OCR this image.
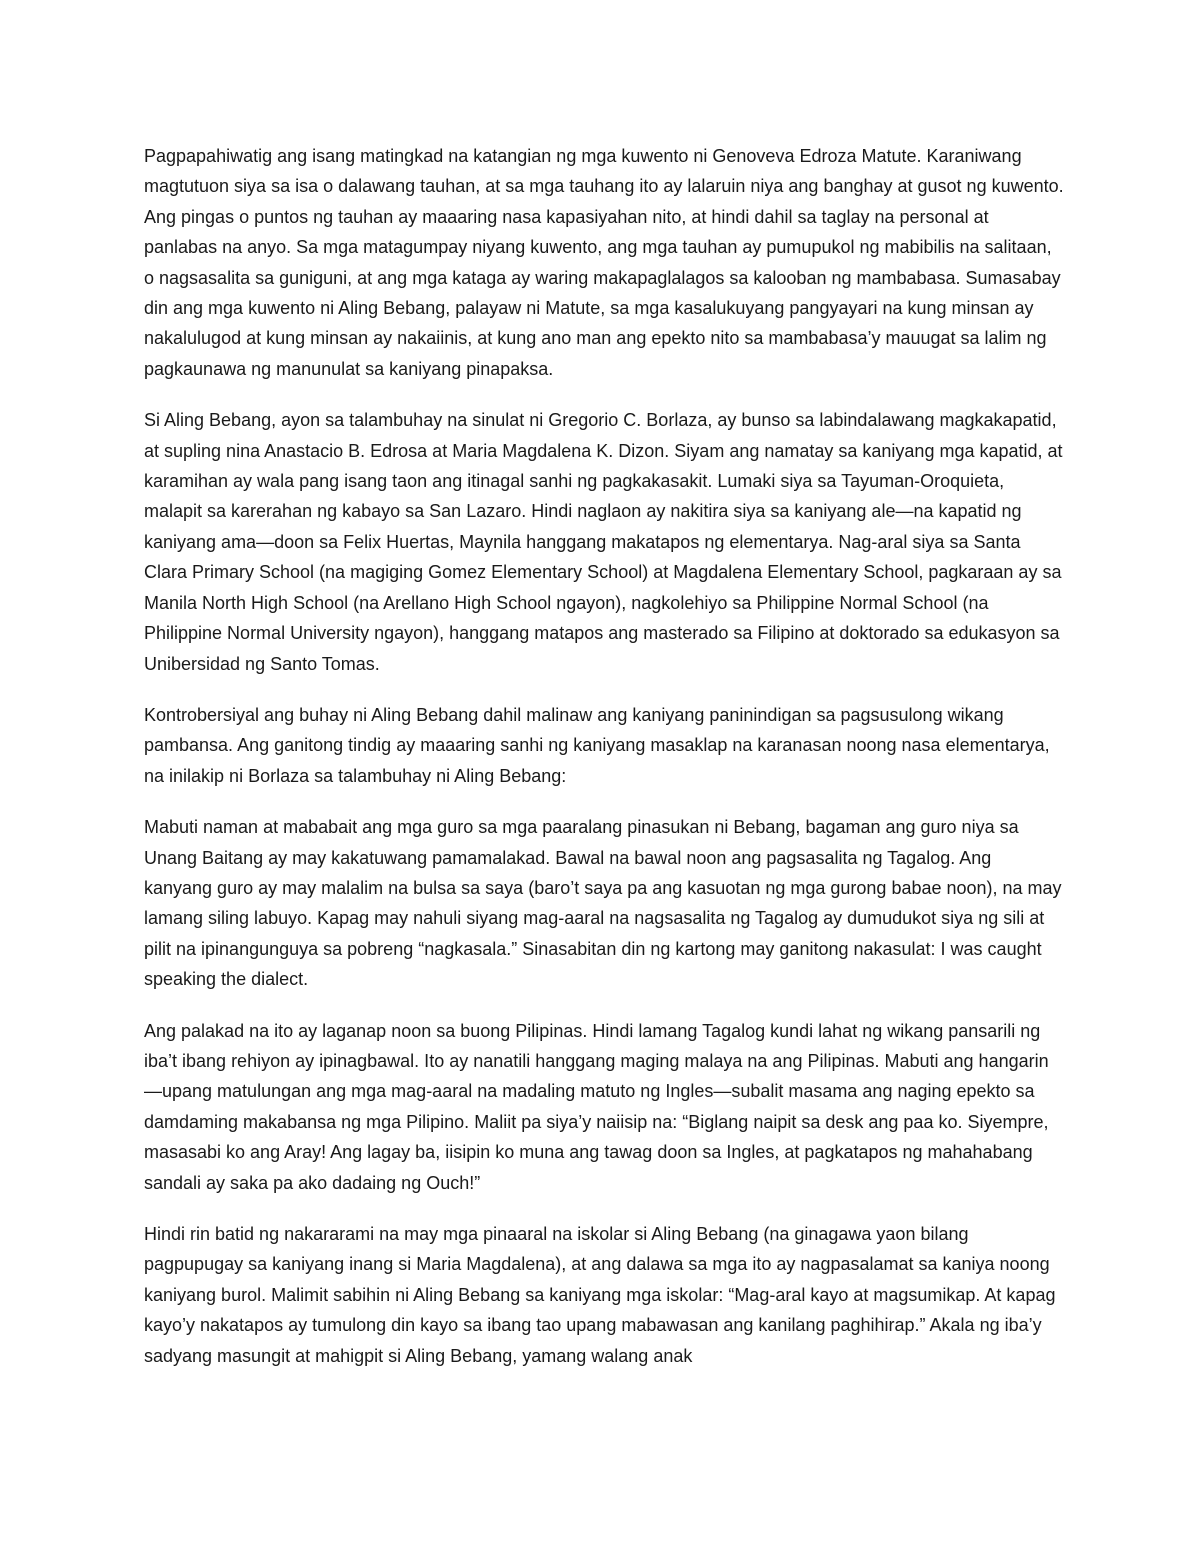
Pagpapahiwatig ang isang matingkad na katangian ng mga kuwento ni Genoveva Edroza Matute. Karaniwang magtutuon siya sa isa o dalawang tauhan, at sa mga tauhang ito ay lalaruin niya ang banghay at gusot ng kuwento. Ang pingas o puntos ng tauhan ay maaaring nasa kapasiyahan nito, at hindi dahil sa taglay na personal at panlabas na anyo. Sa mga matagumpay niyang kuwento, ang mga tauhan ay pumupukol ng mabibilis na salitaan, o nagsasalita sa guniguni, at ang mga kataga ay waring makapaglalagos sa kalooban ng mambabasa. Sumasabay din ang mga kuwento ni Aling Bebang, palayaw ni Matute, sa mga kasalukuyang pangyayari na kung minsan ay nakalulugod at kung minsan ay nakaiinis, at kung ano man ang epekto nito sa mambabasa’y mauugat sa lalim ng pagkaunawa ng manunulat sa kaniyang pinapaksa.

Si Aling Bebang, ayon sa talambuhay na sinulat ni Gregorio C. Borlaza, ay bunso sa labindalawang magkakapatid, at supling nina Anastacio B. Edrosa at Maria Magdalena K. Dizon. Siyam ang namatay sa kaniyang mga kapatid, at karamihan ay wala pang isang taon ang itinagal sanhi ng pagkakasakit. Lumaki siya sa Tayuman-Oroquieta, malapit sa karerahan ng kabayo sa San Lazaro. Hindi naglaon ay nakitira siya sa kaniyang ale—na kapatid ng kaniyang ama—doon sa Felix Huertas, Maynila hanggang makatapos ng elementarya. Nag-aral siya sa Santa Clara Primary School (na magiging Gomez Elementary School) at Magdalena Elementary School, pagkaraan ay sa Manila North High School (na Arellano High School ngayon), nagkolehiyo sa Philippine Normal School (na Philippine Normal University ngayon), hanggang matapos ang masterado sa Filipino at doktorado sa edukasyon sa Unibersidad ng Santo Tomas.

Kontrobersiyal ang buhay ni Aling Bebang dahil malinaw ang kaniyang paninindigan sa pagsusulong wikang pambansa. Ang ganitong tindig ay maaaring sanhi ng kaniyang masaklap na karanasan noong nasa elementarya, na inilakip ni Borlaza sa talambuhay ni Aling Bebang:

Mabuti naman at mababait ang mga guro sa mga paaralang pinasukan ni Bebang, bagaman ang guro niya sa Unang Baitang ay may kakatuwang pamamalakad. Bawal na bawal noon ang pagsasalita ng Tagalog. Ang kanyang guro ay may malalim na bulsa sa saya (baro’t saya pa ang kasuotan ng mga gurong babae noon), na may lamang siling labuyo. Kapag may nahuli siyang mag-aaral na nagsasalita ng Tagalog ay dumudukot siya ng sili at pilit na ipinangunguya sa pobreng “nagkasala.” Sinasabitan din ng kartong may ganitong nakasulat: I was caught speaking the dialect.

Ang palakad na ito ay laganap noon sa buong Pilipinas. Hindi lamang Tagalog kundi lahat ng wikang pansarili ng iba’t ibang rehiyon ay ipinagbawal. Ito ay nanatili hanggang maging malaya na ang Pilipinas. Mabuti ang hangarin—upang matulungan ang mga mag-aaral na madaling matuto ng Ingles—subalit masama ang naging epekto sa damdaming makabansa ng mga Pilipino. Maliit pa siya’y naiisip na: “Biglang naipit sa desk ang paa ko. Siyempre, masasabi ko ang Aray! Ang lagay ba, iisipin ko muna ang tawag doon sa Ingles, at pagkatapos ng mahahabang sandali ay saka pa ako dadaing ng Ouch!”

Hindi rin batid ng nakararami na may mga pinaaral na iskolar si Aling Bebang (na ginagawa yaon bilang pagpupugay sa kaniyang inang si Maria Magdalena), at ang dalawa sa mga ito ay nagpasalamat sa kaniya noong kaniyang burol. Malimit sabihin ni Aling Bebang sa kaniyang mga iskolar: “Mag-aral kayo at magsumikap. At kapag kayo’y nakatapos ay tumulong din kayo sa ibang tao upang mabawasan ang kanilang paghihirap.” Akala ng iba’y sadyang masungit at mahigpit si Aling Bebang, yamang walang anak
